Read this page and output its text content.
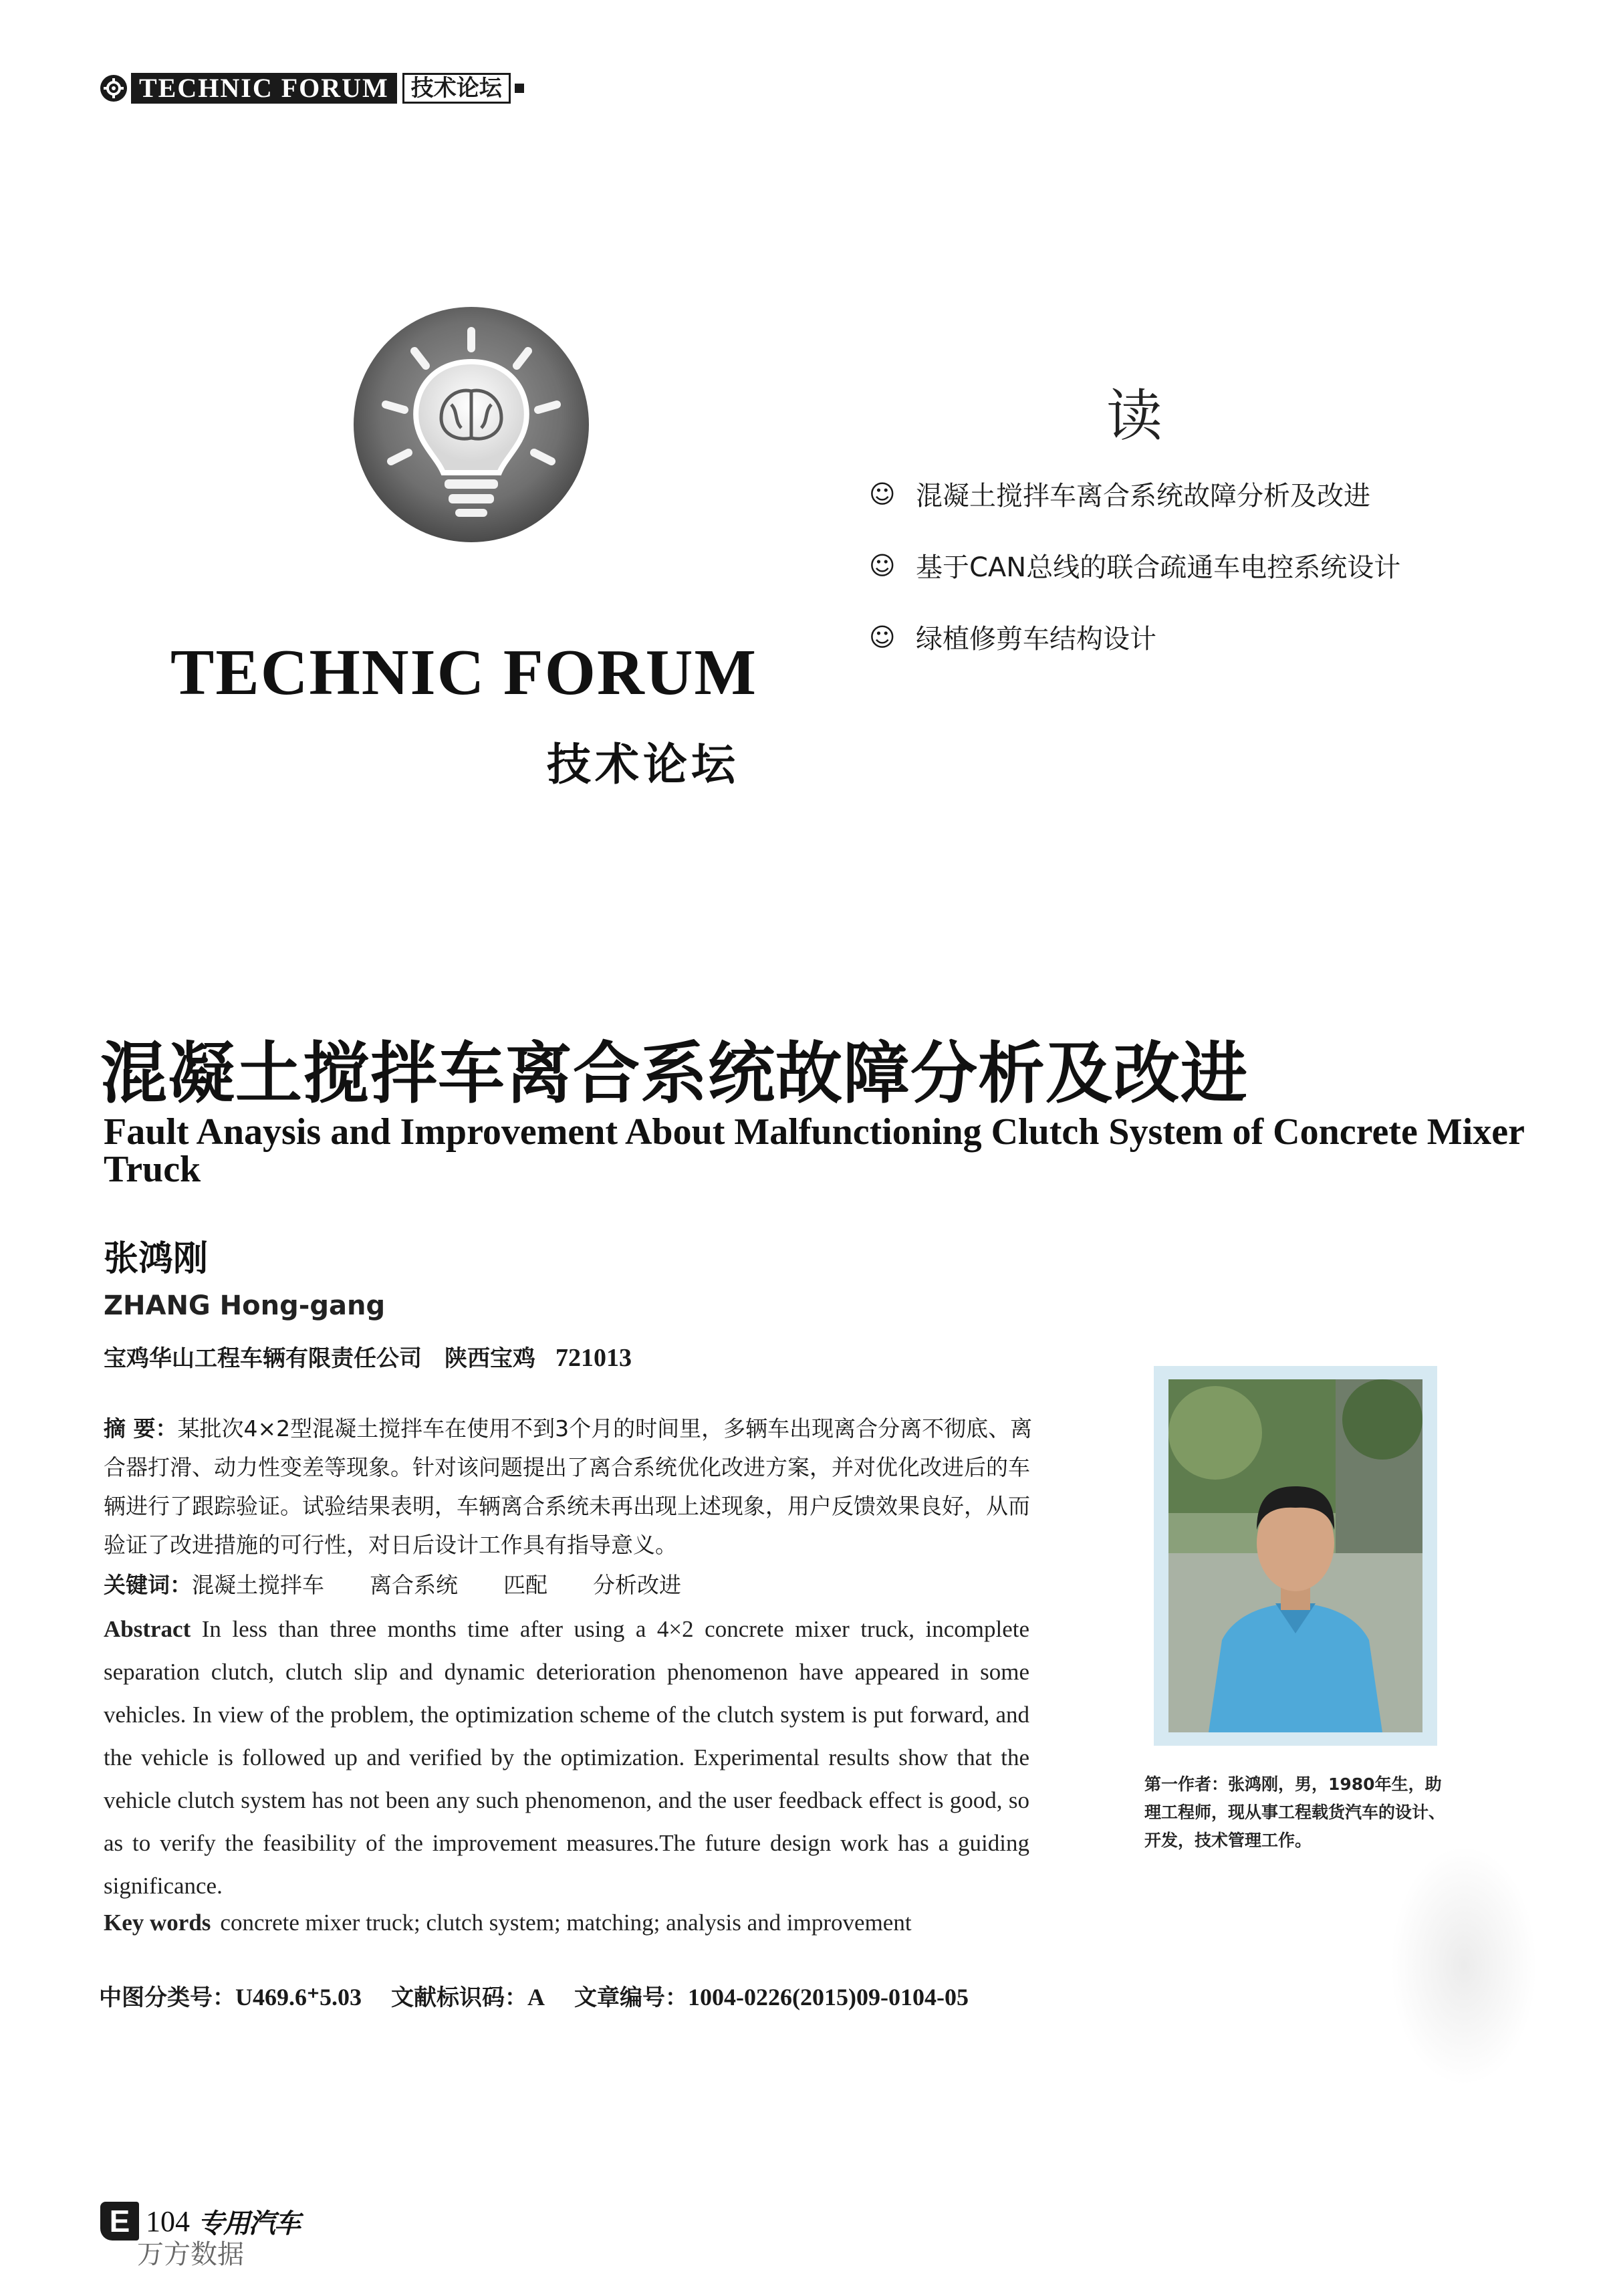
TECHNIC FORUM 技术论坛
TECHNIC FORUM
技术论坛
读
☺ 混凝土搅拌车离合系统故障分析及改进
☺ 基于CAN总线的联合疏通车电控系统设计
☺ 绿植修剪车结构设计
混凝土搅拌车离合系统故障分析及改进
Fault Anaysis and Improvement About Malfunctioning Clutch System of Concrete Mixer Truck
张鸿刚
ZHANG Hong-gang
宝鸡华山工程车辆有限责任公司　陕西宝鸡 721013
摘 要：某批次4×2型混凝土搅拌车在使用不到3个月的时间里，多辆车出现离合分离不彻底、离合器打滑、动力性变差等现象。针对该问题提出了离合系统优化改进方案，并对优化改进后的车辆进行了跟踪验证。试验结果表明，车辆离合系统未再出现上述现象，用户反馈效果良好，从而验证了改进措施的可行性，对日后设计工作具有指导意义。
关键词：混凝土搅拌车 离合系统 匹配 分析改进
Abstract In less than three months time after using a 4×2 concrete mixer truck, incomplete separation clutch, clutch slip and dynamic deterioration phenomenon have appeared in some vehicles. In view of the problem, the optimization scheme of the clutch system is put forward, and the vehicle is followed up and verified by the optimization. Experimental results show that the vehicle clutch system has not been any such phenomenon, and the user feedback effect is good, so as to verify the feasibility of the improvement measures.The future design work has a guiding significance.
Key words concrete mixer truck; clutch system; matching; analysis and improvement
中图分类号：U469.6⁺5.03 文献标识码：A 文章编号：1004-0226(2015)09-0104-05
第一作者：张鸿刚，男，1980年生，助理工程师，现从事工程载货汽车的设计、开发，技术管理工作。
E 104 专用汽车
万方数据
